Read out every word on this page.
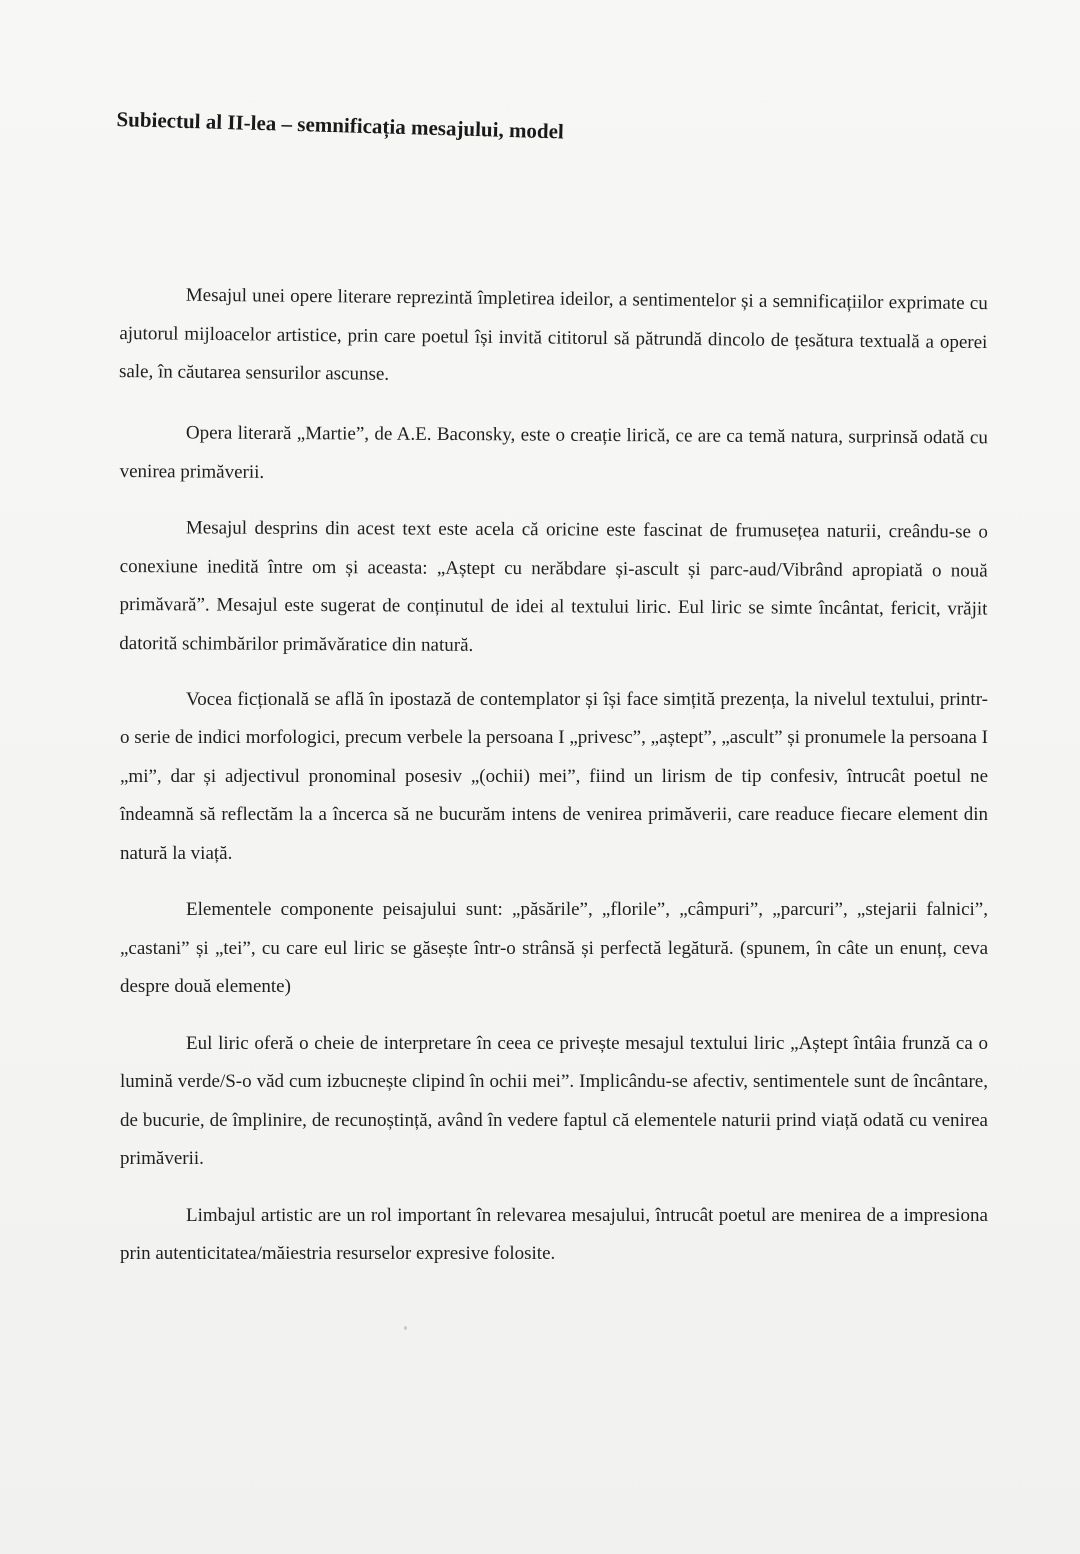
Subiectul al II-lea – semnificația mesajului, model

Mesajul unei opere literare reprezintă împletirea ideilor, a sentimentelor și a semnificațiilor exprimate cu ajutorul mijloacelor artistice, prin care poetul își invită cititorul să pătrundă dincolo de țesătura textuală a operei sale, în căutarea sensurilor ascunse.

Opera literară „Martie”, de A.E. Baconsky, este o creație lirică, ce are ca temă natura, surprinsă odată cu venirea primăverii.

Mesajul desprins din acest text este acela că oricine este fascinat de frumusețea naturii, creându-se o conexiune inedită între om și aceasta: „Aștept cu nerăbdare și-ascult și parc-aud/Vibrând apropiată o nouă primăvară”. Mesajul este sugerat de conținutul de idei al textului liric. Eul liric se simte încântat, fericit, vrăjit datorită schimbărilor primăvăratice din natură.

Vocea ficțională se află în ipostază de contemplator și își face simțită prezența, la nivelul textului, printr-o serie de indici morfologici, precum verbele la persoana I „privesc”, „aștept”, „ascult” și pronumele la persoana I „mi”, dar și adjectivul pronominal posesiv „(ochii) mei”, fiind un lirism de tip confesiv, întrucât poetul ne îndeamnă să reflectăm la a încerca să ne bucurăm intens de venirea primăverii, care readuce fiecare element din natură la viață.

Elementele componente peisajului sunt: „păsările”, „florile”, „câmpuri”, „parcuri”, „stejarii falnici”, „castani” și „tei”, cu care eul liric se găsește într-o strânsă și perfectă legătură. (spunem, în câte un enunț, ceva despre două elemente)

Eul liric oferă o cheie de interpretare în ceea ce privește mesajul textului liric „Aștept întâia frunză ca o lumină verde/S-o văd cum izbucnește clipind în ochii mei”. Implicându-se afectiv, sentimentele sunt de încântare, de bucurie, de împlinire, de recunoștință, având în vedere faptul că elementele naturii prind viață odată cu venirea primăverii.

Limbajul artistic are un rol important în relevarea mesajului, întrucât poetul are menirea de a impresiona prin autenticitatea/măiestria resurselor expresive folosite.
